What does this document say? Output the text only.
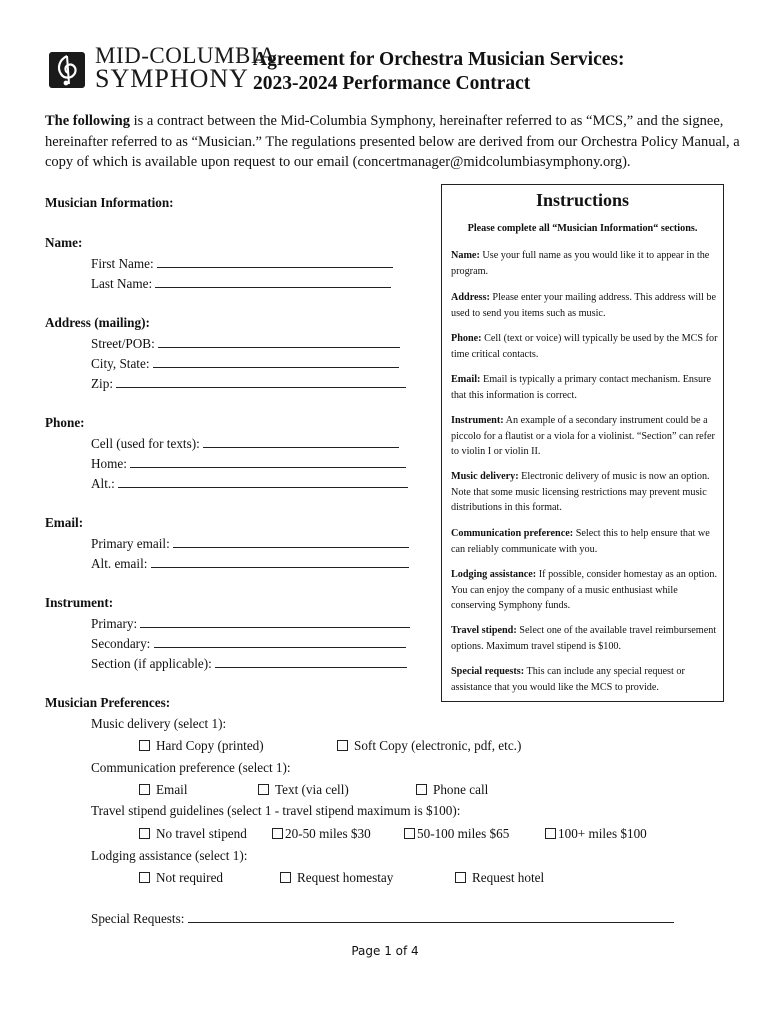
MID-COLUMBIA
SYMPHONY
Agreement for Orchestra Musician Services:
2023-2024 Performance Contract
The following is a contract between the Mid-Columbia Symphony, hereinafter referred to as “MCS,” and the signee, hereinafter referred to as “Musician.” The regulations presented below are derived from our Orchestra Policy Manual, a copy of which is available upon request to our email (concertmanager@midcolumbiasymphony.org).
Musician Information:
Name:
First Name:
Last Name:
Address (mailing):
Street/POB:
City, State:
Zip:
Phone:
Cell (used for texts):
Home:
Alt.:
Email:
Primary email:
Alt. email:
Instrument:
Primary:
Secondary:
Section (if applicable):
Instructions
Please complete all “Musician Information“ sections.
Name: Use your full name as you would like it to appear in the program.
Address: Please enter your mailing address. This address will be used to send you items such as music.
Phone: Cell (text or voice) will typically be used by the MCS for time critical contacts.
Email: Email is typically a primary contact mechanism. Ensure that this information is correct.
Instrument: An example of a secondary instrument could be a piccolo for a flautist or a viola for a violinist. “Section” can refer to violin I or violin II.
Music delivery: Electronic delivery of music is now an option. Note that some music licensing restrictions may prevent music distributions in this format.
Communication preference: Select this to help ensure that we can reliably communicate with you.
Lodging assistance: If possible, consider homestay as an option. You can enjoy the company of a music enthusiast while conserving Symphony funds.
Travel stipend: Select one of the available travel reimbursement options. Maximum travel stipend is $100.
Special requests: This can include any special request or assistance that you would like the MCS to provide.
Musician Preferences:
Music delivery (select 1):
Hard Copy (printed)	Soft Copy (electronic, pdf, etc.)
Communication preference (select 1):
Email	Text (via cell)	Phone call
Travel stipend guidelines (select 1 - travel stipend maximum is $100):
No travel stipend	20-50 miles $30	50-100 miles $65	100+ miles $100
Lodging assistance (select 1):
Not required	Request homestay	Request hotel
Special Requests:
Page 1 of 4
